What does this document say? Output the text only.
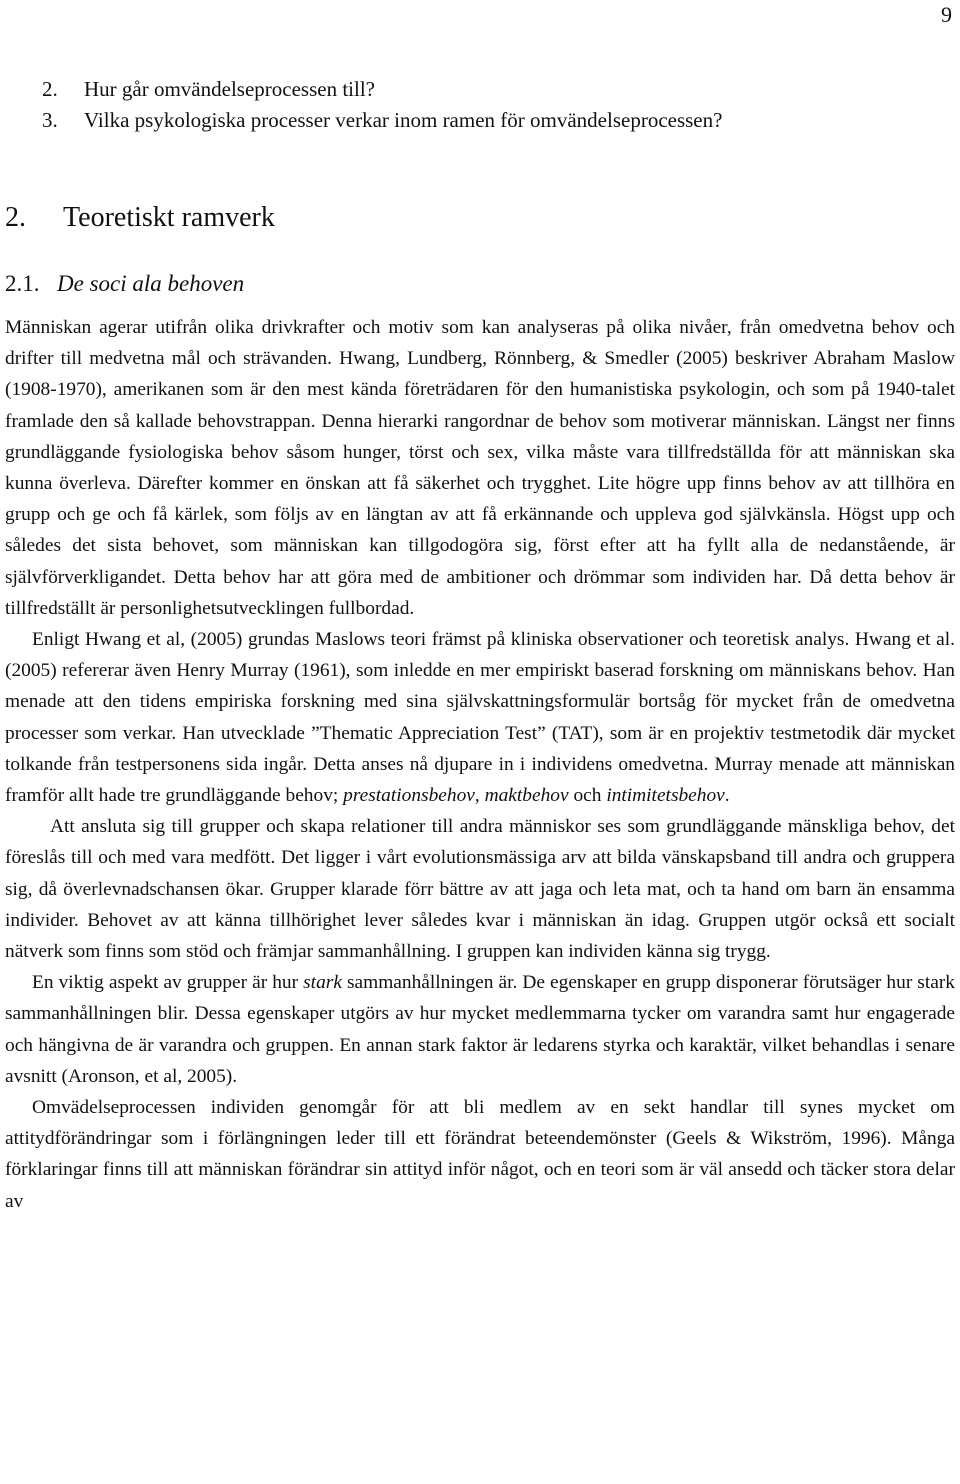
9
2. Hur går omvändelseprocessen till?
3. Vilka psykologiska processer verkar inom ramen för omvändelseprocessen?
2. Teoretiskt ramverk
2.1. De soci ala behoven

Människan agerar utifrån olika drivkrafter och motiv som kan analyseras på olika nivåer, från omedvetna behov och drifter till medvetna mål och strävanden. Hwang, Lundberg, Rönnberg, & Smedler (2005) beskriver Abraham Maslow (1908-1970), amerikanen som är den mest kända företrädaren för den humanistiska psykologin, och som på 1940-talet framlade den så kallade behovstrappan. Denna hierarki rangordnar de behov som motiverar människan. Längst ner finns grundläggande fysiologiska behov såsom hunger, törst och sex, vilka måste vara tillfredställda för att människan ska kunna överleva. Därefter kommer en önskan att få säkerhet och trygghet. Lite högre upp finns behov av att tillhöra en grupp och ge och få kärlek, som följs av en längtan av att få erkännande och uppleva god självkänsla. Högst upp och således det sista behovet, som människan kan tillgodogöra sig, först efter att ha fyllt alla de nedanstående, är självförverkligandet. Detta behov har att göra med de ambitioner och drömmar som individen har. Då detta behov är tillfredställt är personlighetsutvecklingen fullbordad.

Enligt Hwang et al, (2005) grundas Maslows teori främst på kliniska observationer och teoretisk analys. Hwang et al. (2005) refererar även Henry Murray (1961), som inledde en mer empiriskt baserad forskning om människans behov. Han menade att den tidens empiriska forskning med sina självskattningsformulär bortsåg för mycket från de omedvetna processer som verkar. Han utvecklade ”Thematic Appreciation Test” (TAT), som är en projektiv testmetodik där mycket tolkande från testpersonens sida ingår. Detta anses nå djupare in i individens omedvetna. Murray menade att människan framför allt hade tre grundläggande behov; prestationsbehov, maktbehov och intimitetsbehov.

Att ansluta sig till grupper och skapa relationer till andra människor ses som grundläggande mänskliga behov, det föreslås till och med vara medfött. Det ligger i vårt evolutionsmässiga arv att bilda vänskapsband till andra och gruppera sig, då överlevnadschansen ökar. Grupper klarade förr bättre av att jaga och leta mat, och ta hand om barn än ensamma individer. Behovet av att känna tillhörighet lever således kvar i människan än idag. Gruppen utgör också ett socialt nätverk som finns som stöd och främjar sammanhållning. I gruppen kan individen känna sig trygg.

En viktig aspekt av grupper är hur stark sammanhållningen är. De egenskaper en grupp disponerar förutsäger hur stark sammanhållningen blir. Dessa egenskaper utgörs av hur mycket medlemmarna tycker om varandra samt hur engagerade och hängivna de är varandra och gruppen. En annan stark faktor är ledarens styrka och karaktär, vilket behandlas i senare avsnitt (Aronson, et al, 2005).

Omvädelseprocessen individen genomgår för att bli medlem av en sekt handlar till synes mycket om attitydförändringar som i förlängningen leder till ett förändrat beteendemönster (Geels & Wikström, 1996). Många förklaringar finns till att människan förändrar sin attityd inför något, och en teori som är väl ansedd och täcker stora delar av
